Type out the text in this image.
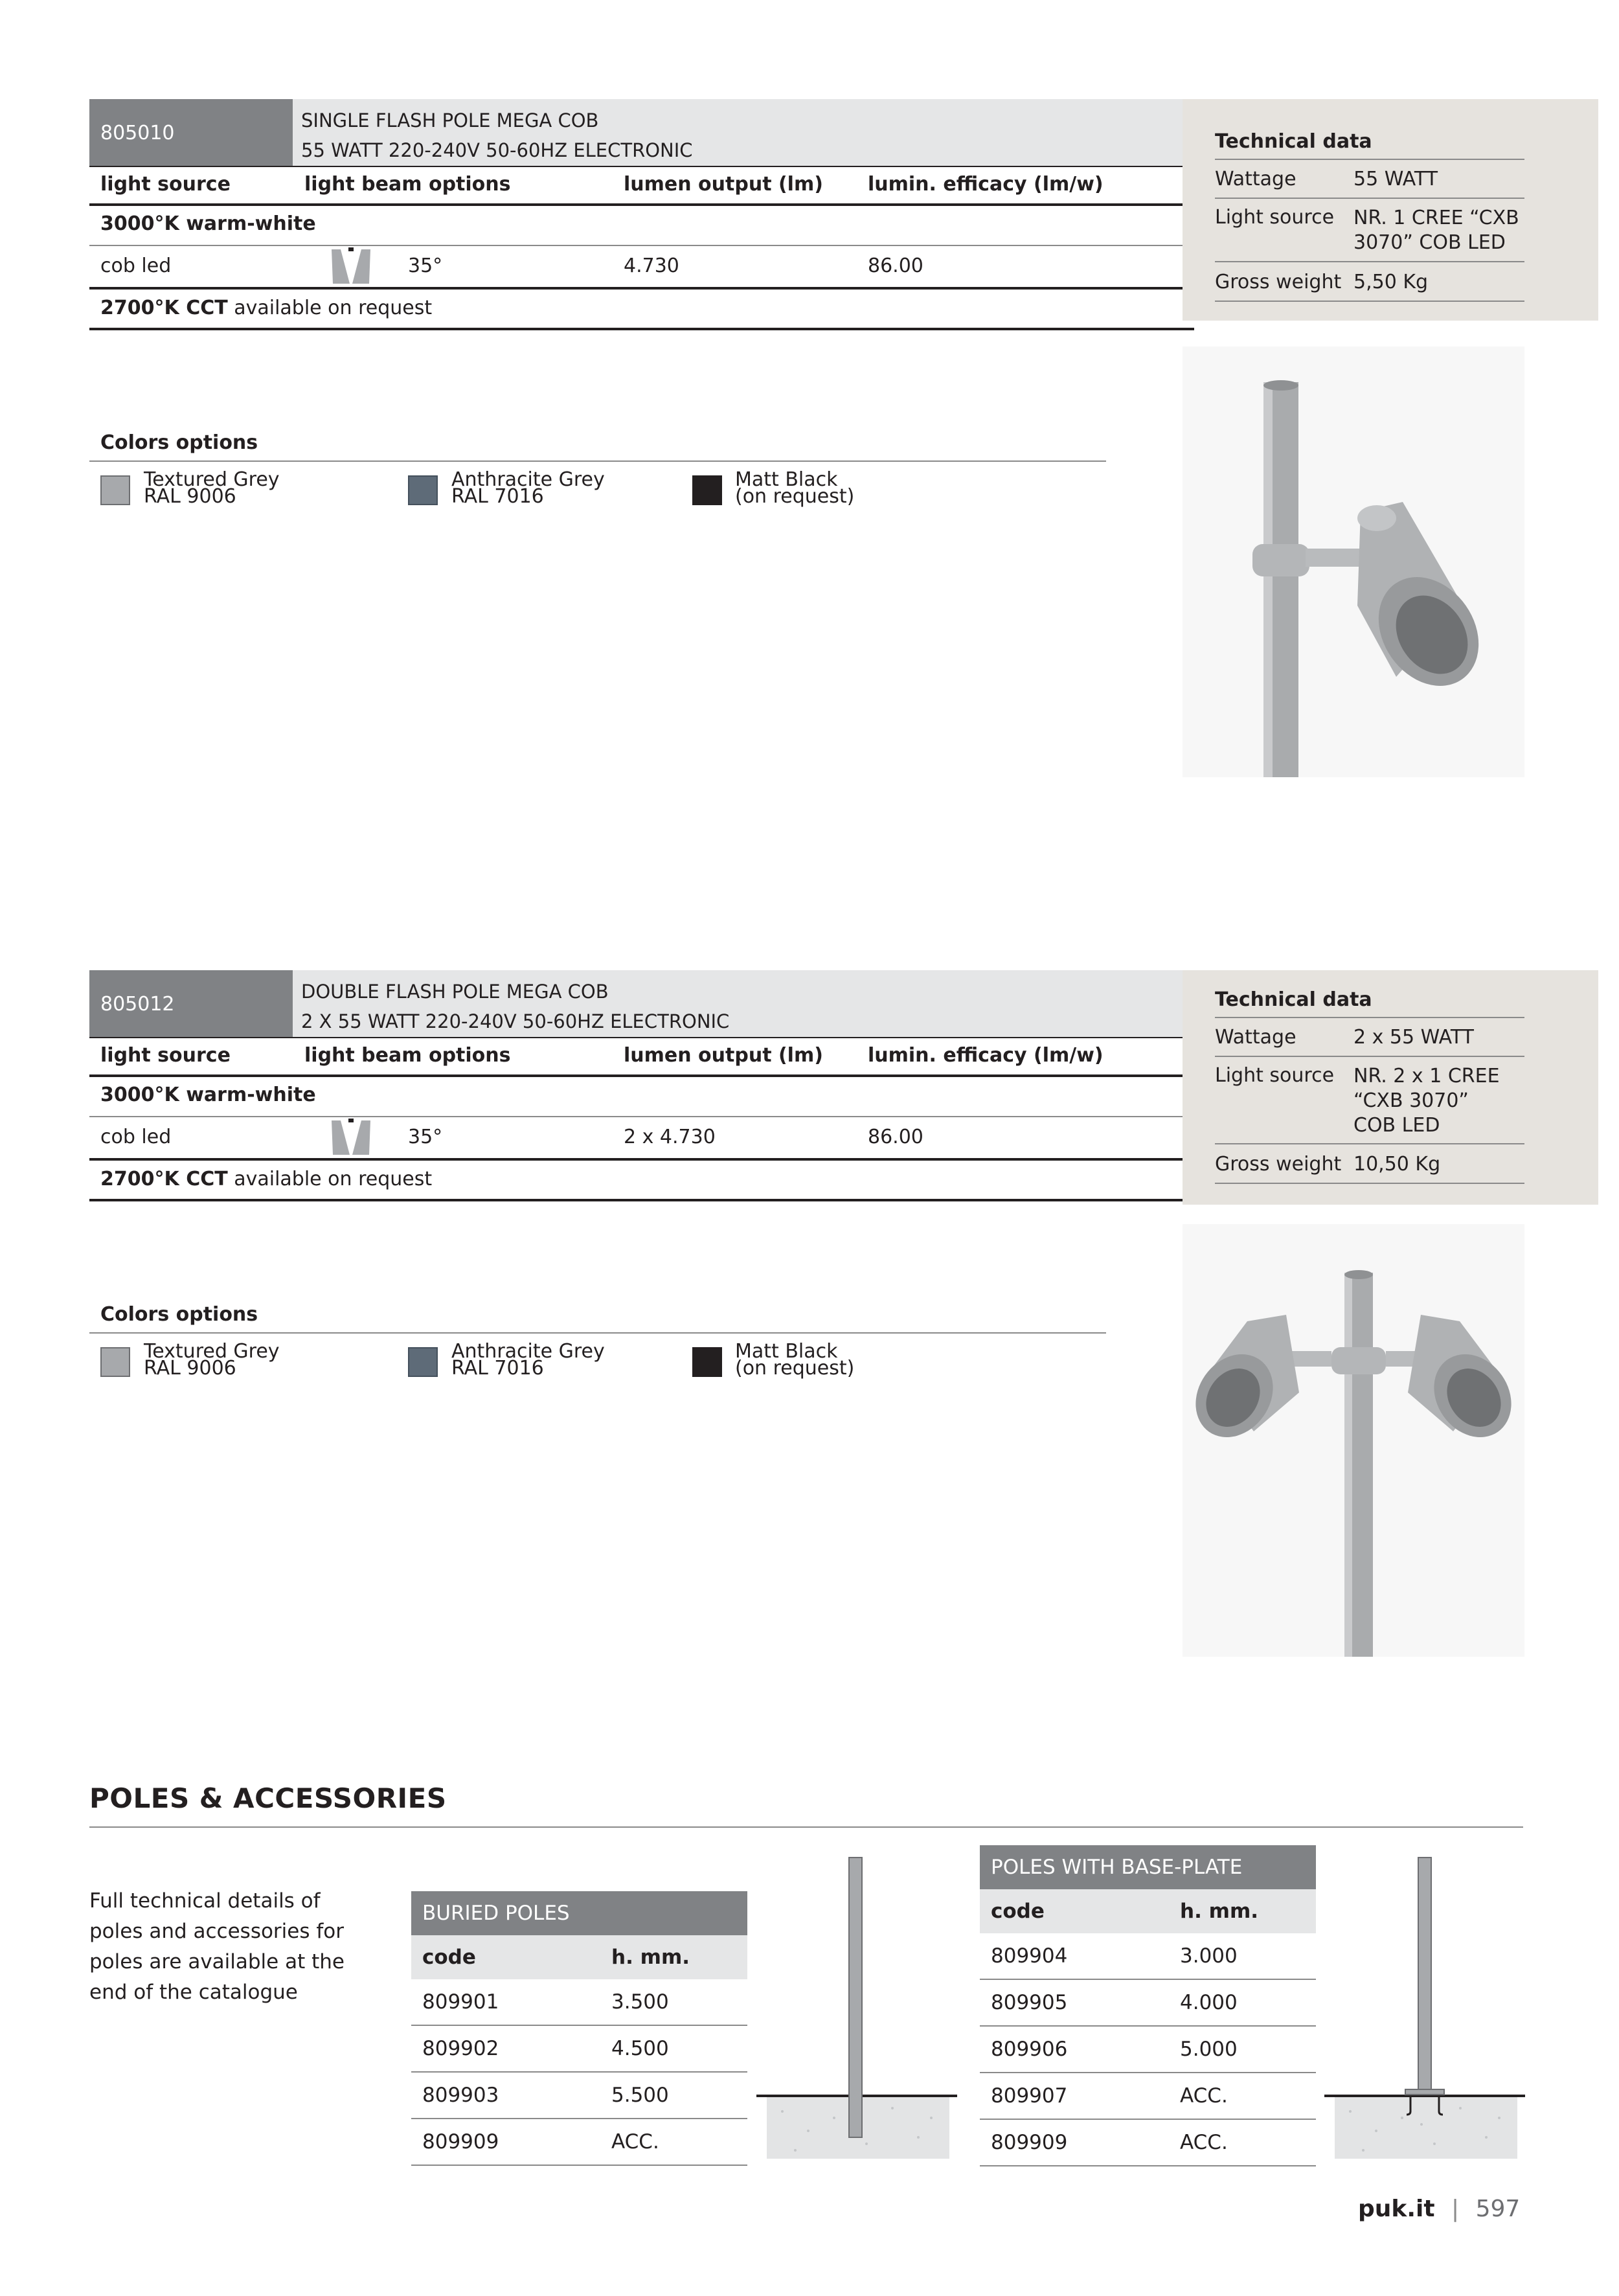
805010
SINGLE FLASH POLE MEGA COB
55 WATT 220-240V 50-60HZ ELECTRONIC
light source	light beam options	lumen output (lm) lumin. efficacy (lm/w)
3000°K warm-white
cob led	35°	4.730	86.00
2700°K CCT available on request
Colors options
Textured Grey
RAL 9006
Anthracite Grey
RAL 7016
Matt Black
(on request)
Technical data
Wattage	55 WATT
Light source NR. 1 CREE “CXB
3070” COB LED
Gross weight 5,50 Kg
805012
DOUBLE FLASH POLE MEGA COB
2 X 55 WATT 220-240V 50-60HZ ELECTRONIC
light source	light beam options	lumen output (lm) lumin. efficacy (lm/w)
3000°K warm-white
cob led	35°	2 x 4.730	86.00
2700°K CCT available on request
Colors options
Textured Grey
RAL 9006
Anthracite Grey
RAL 7016
Matt Black
(on request)
Technical data
Wattage	2 x 55 WATT
Light source NR. 2 x 1 CREE
“CXB 3070”
COB LED
Gross weight 10,50 Kg
POLES & ACCESSORIES
Full technical details of
poles and accessories for
poles are available at the
end of the catalogue
BURIED POLES	
code	h. mm.
809901	3.500
809902	4.500
809903	5.500
809909	ACC.
POLES WITH BASE-PLATE	
code	h. mm.
809904	3.000
809905	4.000
809906	5.000
809907	ACC.
809909	ACC.
puk.it | 597
